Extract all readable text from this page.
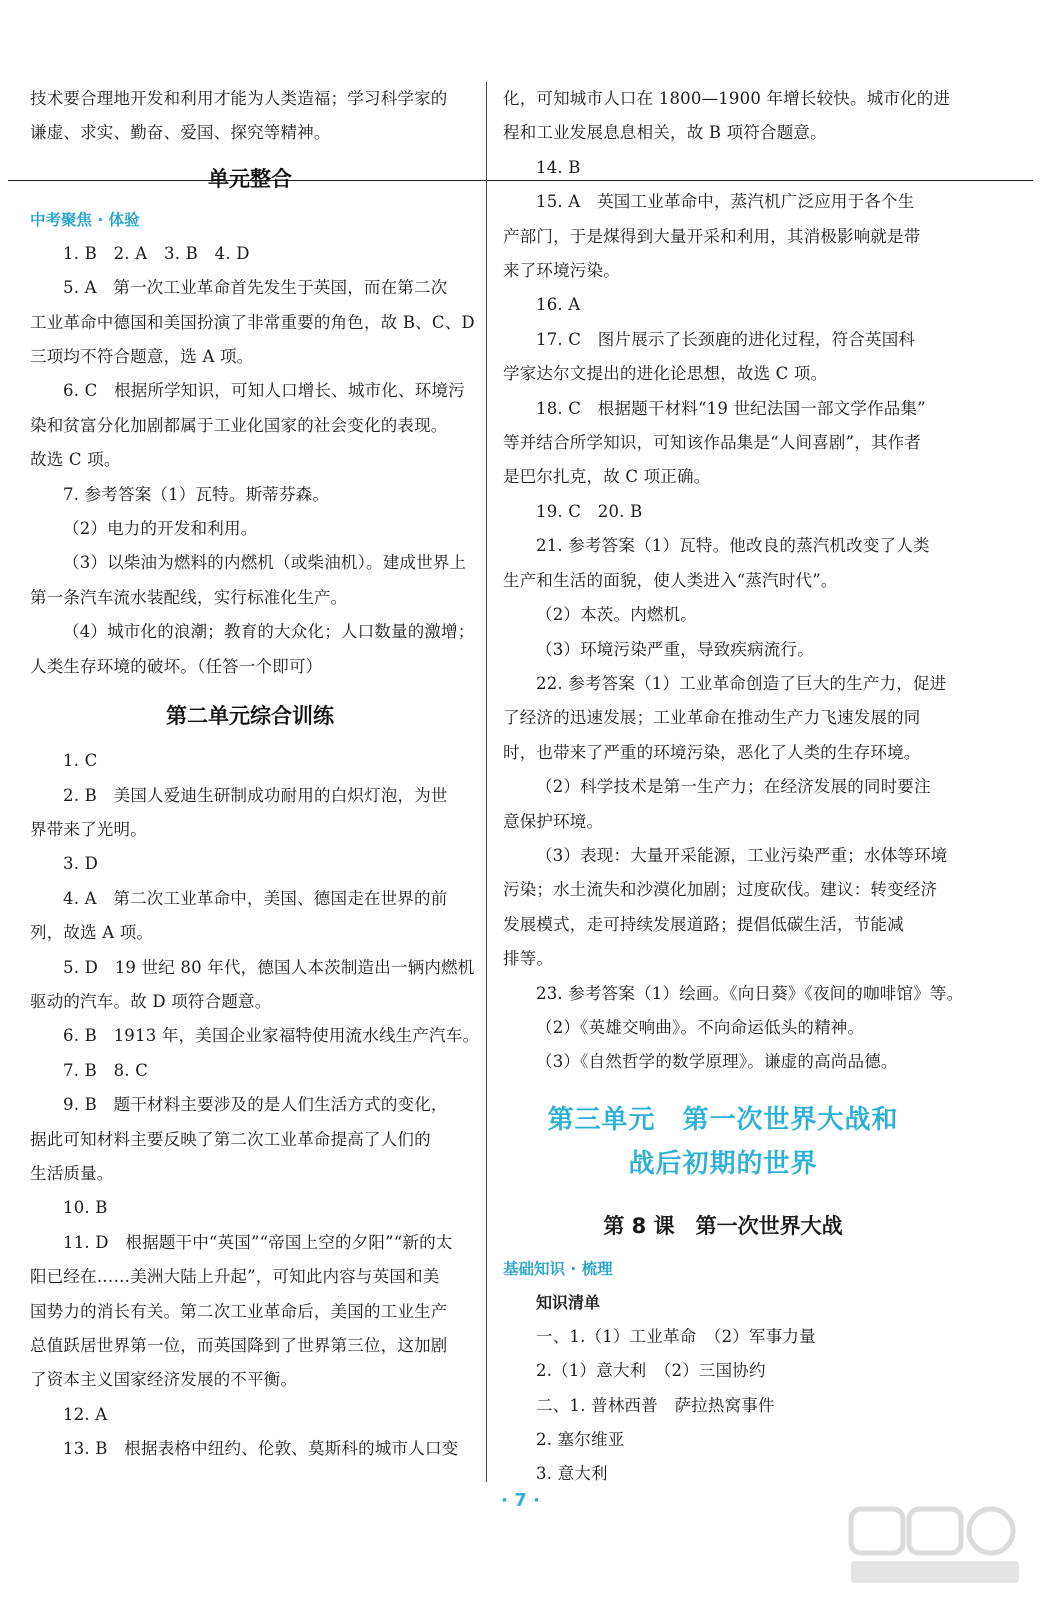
技术要合理地开发和利用才能为人类造福；学习科学家的
谦虚、求实、勤奋、爱国、探究等精神。
单元整合
中考聚焦 · 体验
1. B　2. A　3. B　4. D
5. A　第一次工业革命首先发生于英国，而在第二次
工业革命中德国和美国扮演了非常重要的角色，故 B、C、D
三项均不符合题意，选 A 项。
6. C　根据所学知识，可知人口增长、城市化、环境污
染和贫富分化加剧都属于工业化国家的社会变化的表现。
故选 C 项。
7. 参考答案（1）瓦特。斯蒂芬森。
（2）电力的开发和利用。
（3）以柴油为燃料的内燃机（或柴油机）。建成世界上
第一条汽车流水装配线，实行标准化生产。
（4）城市化的浪潮；教育的大众化；人口数量的激增；
人类生存环境的破坏。（任答一个即可）
第二单元综合训练
1. C
2. B　美国人爱迪生研制成功耐用的白炽灯泡，为世
界带来了光明。
3. D
4. A　第二次工业革命中，美国、德国走在世界的前
列，故选 A 项。
5. D　19 世纪 80 年代，德国人本茨制造出一辆内燃机
驱动的汽车。故 D 项符合题意。
6. B　1913 年，美国企业家福特使用流水线生产汽车。
7. B　8. C
9. B　题干材料主要涉及的是人们生活方式的变化，
据此可知材料主要反映了第二次工业革命提高了人们的
生活质量。
10. B
11. D　根据题干中“英国”“帝国上空的夕阳”“新的太
阳已经在……美洲大陆上升起”，可知此内容与英国和美
国势力的消长有关。第二次工业革命后，美国的工业生产
总值跃居世界第一位，而英国降到了世界第三位，这加剧
了资本主义国家经济发展的不平衡。
12. A
13. B　根据表格中纽约、伦敦、莫斯科的城市人口变
化，可知城市人口在 1800—1900 年增长较快。城市化的进
程和工业发展息息相关，故 B 项符合题意。
14. B
15. A　英国工业革命中，蒸汽机广泛应用于各个生
产部门，于是煤得到大量开采和利用，其消极影响就是带
来了环境污染。
16. A
17. C　图片展示了长颈鹿的进化过程，符合英国科
学家达尔文提出的进化论思想，故选 C 项。
18. C　根据题干材料“19 世纪法国一部文学作品集”
等并结合所学知识，可知该作品集是“人间喜剧”，其作者
是巴尔扎克，故 C 项正确。
19. C　20. B
21. 参考答案（1）瓦特。他改良的蒸汽机改变了人类
生产和生活的面貌，使人类进入“蒸汽时代”。
（2）本茨。内燃机。
（3）环境污染严重，导致疾病流行。
22. 参考答案（1）工业革命创造了巨大的生产力，促进
了经济的迅速发展；工业革命在推动生产力飞速发展的同
时，也带来了严重的环境污染，恶化了人类的生存环境。
（2）科学技术是第一生产力；在经济发展的同时要注
意保护环境。
（3）表现：大量开采能源，工业污染严重；水体等环境
污染；水土流失和沙漠化加剧；过度砍伐。建议：转变经济
发展模式，走可持续发展道路；提倡低碳生活，节能减
排等。
23. 参考答案（1）绘画。《向日葵》《夜间的咖啡馆》等。
（2）《英雄交响曲》。不向命运低头的精神。
（3）《自然哲学的数学原理》。谦虚的高尚品德。
第三单元　第一次世界大战和
战后初期的世界
第 8 课　第一次世界大战
基础知识 · 梳理
知识清单
一、1.（1）工业革命　（2）军事力量
2.（1）意大利　（2）三国协约
二、1. 普林西普　萨拉热窝事件
2. 塞尔维亚
3. 意大利
· 7 ·
